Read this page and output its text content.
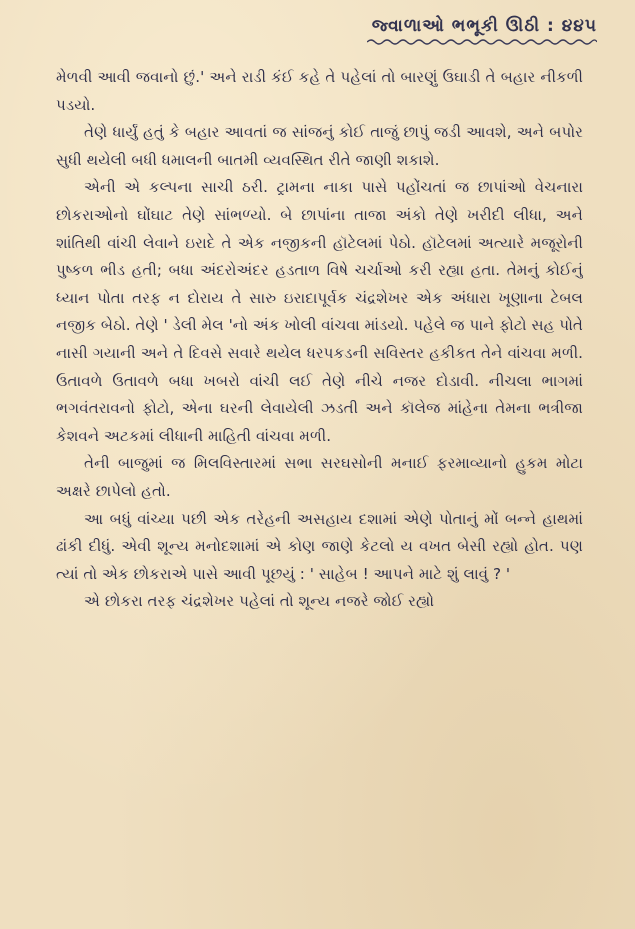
જ્વાળાઓ ભભૂકી ઊઠી : ૪૪૫

મેળવી આવી જવાનો છું.' અને રાડી કંઈ કહે તે પહેલાં તો બારણું ઉઘાડી તે બહાર નીકળી પડયો.

તેણે ધાર્યું હતું કે બહાર આવતાં જ સાંજનું કોઈ તાજું છાપું જડી આવશે, અને બપોર સુધી થયેલી બધી ધમાલની બાતમી વ્યવસ્થિત રીતે જાણી શકાશે.

એની એ કલ્પના સાચી ઠરી. ટ્રામના નાકા પાસે પહોંચતાં જ છાપાંઓ વેચનારા છોકરાઓનો ઘોંઘાટ તેણે સાંભળ્યો. બે છાપાંના તાજા અંકો તેણે ખરીદી લીધા, અને શાંતિથી વાંચી લેવાને ઇરાદે તે એક નજીકની હૉટેલમાં પેઠો. હૉટેલમાં અત્યારે મજૂરોની પુષ્કળ ભીડ હતી; બધા અંદરોઅંદર હડતાળ વિષે ચર્ચાઓ કરી રહ્યા હતા. તેમનું કોઈનું ધ્યાન પોતા તરફ ન દોરાય તે સારુ ઇરાદાપૂર્વક ચંદ્રશેખર એક અંધારા ખૂણાના ટેબલ નજીક બેઠો. તેણે ' ડેલી મેલ 'નો અંક ખોલી વાંચવા માંડયો. પહેલે જ પાને ફોટો સહ પોતે નાસી ગયાની અને તે દિવસે સવારે થયેલ ધરપકડની સવિસ્તર હકીકત તેને વાંચવા મળી. ઉતાવળે ઉતાવળે બધા ખબરો વાંચી લઈ તેણે નીચે નજર દોડાવી. નીચલા ભાગમાં ભગવંતરાવનો ફોટો, એના ઘરની લેવાયેલી ઝડતી અને કૉલેજ માંહેના તેમના ભત્રીજા કેશવને અટકમાં લીધાની માહિતી વાંચવા મળી.

તેની બાજુમાં જ મિલવિસ્તારમાં સભા સરઘસોની મનાઈ ફરમાવ્યાનો હુકમ મોટા અક્ષરે છાપેલો હતો.

આ બધું વાંચ્યા પછી એક તરેહની અસહાય દશામાં એણે પોતાનું મોં બન્ને હાથમાં ઢાંકી દીધું. એવી શૂન્ય મનોદશામાં એ કોણ જાણે કેટલો ય વખત બેસી રહ્યો હોત. પણ ત્યાં તો એક છોકરાએ પાસે આવી પૂછયું : ' સાહેબ ! આપને માટે શું લાવું ? '

એ છોકરા તરફ ચંદ્રશેખર પહેલાં તો શૂન્ય નજરે જોઈ રહ્યો
